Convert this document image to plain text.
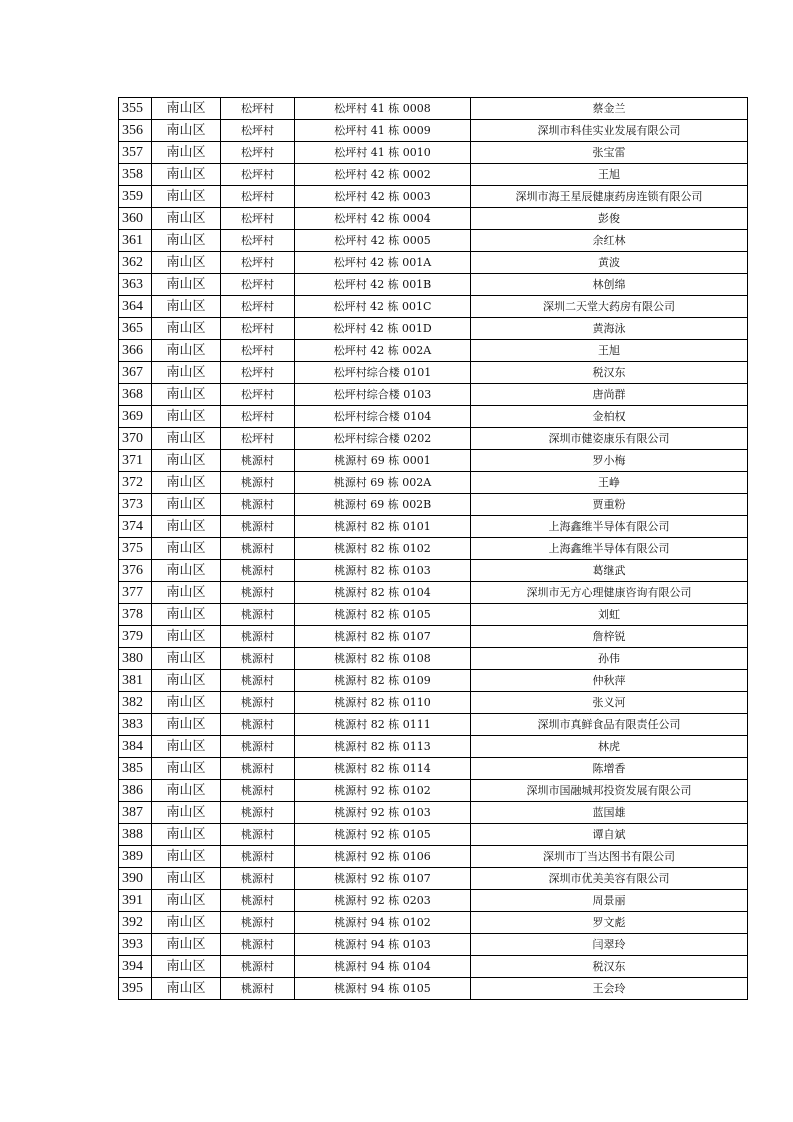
355	南山区	松坪村	松坪村 41 栋 0008	蔡金兰
356	南山区	松坪村	松坪村 41 栋 0009	深圳市科佳实业发展有限公司
357	南山区	松坪村	松坪村 41 栋 0010	张宝雷
358	南山区	松坪村	松坪村 42 栋 0002	王旭
359	南山区	松坪村	松坪村 42 栋 0003	深圳市海王星辰健康药房连锁有限公司
360	南山区	松坪村	松坪村 42 栋 0004	彭俊
361	南山区	松坪村	松坪村 42 栋 0005	余红林
362	南山区	松坪村	松坪村 42 栋 001A	黄波
363	南山区	松坪村	松坪村 42 栋 001B	林创绵
364	南山区	松坪村	松坪村 42 栋 001C	深圳二天堂大药房有限公司
365	南山区	松坪村	松坪村 42 栋 001D	黄海泳
366	南山区	松坪村	松坪村 42 栋 002A	王旭
367	南山区	松坪村	松坪村综合楼 0101	税汉东
368	南山区	松坪村	松坪村综合楼 0103	唐尚群
369	南山区	松坪村	松坪村综合楼 0104	金柏权
370	南山区	松坪村	松坪村综合楼 0202	深圳市健姿康乐有限公司
371	南山区	桃源村	桃源村 69 栋 0001	罗小梅
372	南山区	桃源村	桃源村 69 栋 002A	王峥
373	南山区	桃源村	桃源村 69 栋 002B	贾重粉
374	南山区	桃源村	桃源村 82 栋 0101	上海鑫维半导体有限公司
375	南山区	桃源村	桃源村 82 栋 0102	上海鑫维半导体有限公司
376	南山区	桃源村	桃源村 82 栋 0103	葛继武
377	南山区	桃源村	桃源村 82 栋 0104	深圳市无方心理健康咨询有限公司
378	南山区	桃源村	桃源村 82 栋 0105	刘虹
379	南山区	桃源村	桃源村 82 栋 0107	詹梓锐
380	南山区	桃源村	桃源村 82 栋 0108	孙伟
381	南山区	桃源村	桃源村 82 栋 0109	仲秋萍
382	南山区	桃源村	桃源村 82 栋 0110	张义河
383	南山区	桃源村	桃源村 82 栋 0111	深圳市真鲜食品有限责任公司
384	南山区	桃源村	桃源村 82 栋 0113	林虎
385	南山区	桃源村	桃源村 82 栋 0114	陈增香
386	南山区	桃源村	桃源村 92 栋 0102	深圳市国融城邦投资发展有限公司
387	南山区	桃源村	桃源村 92 栋 0103	蓝国雄
388	南山区	桃源村	桃源村 92 栋 0105	谭自斌
389	南山区	桃源村	桃源村 92 栋 0106	深圳市丁当达图书有限公司
390	南山区	桃源村	桃源村 92 栋 0107	深圳市优美美容有限公司
391	南山区	桃源村	桃源村 92 栋 0203	周景丽
392	南山区	桃源村	桃源村 94 栋 0102	罗文彪
393	南山区	桃源村	桃源村 94 栋 0103	闫翠玲
394	南山区	桃源村	桃源村 94 栋 0104	税汉东
395	南山区	桃源村	桃源村 94 栋 0105	王会玲
